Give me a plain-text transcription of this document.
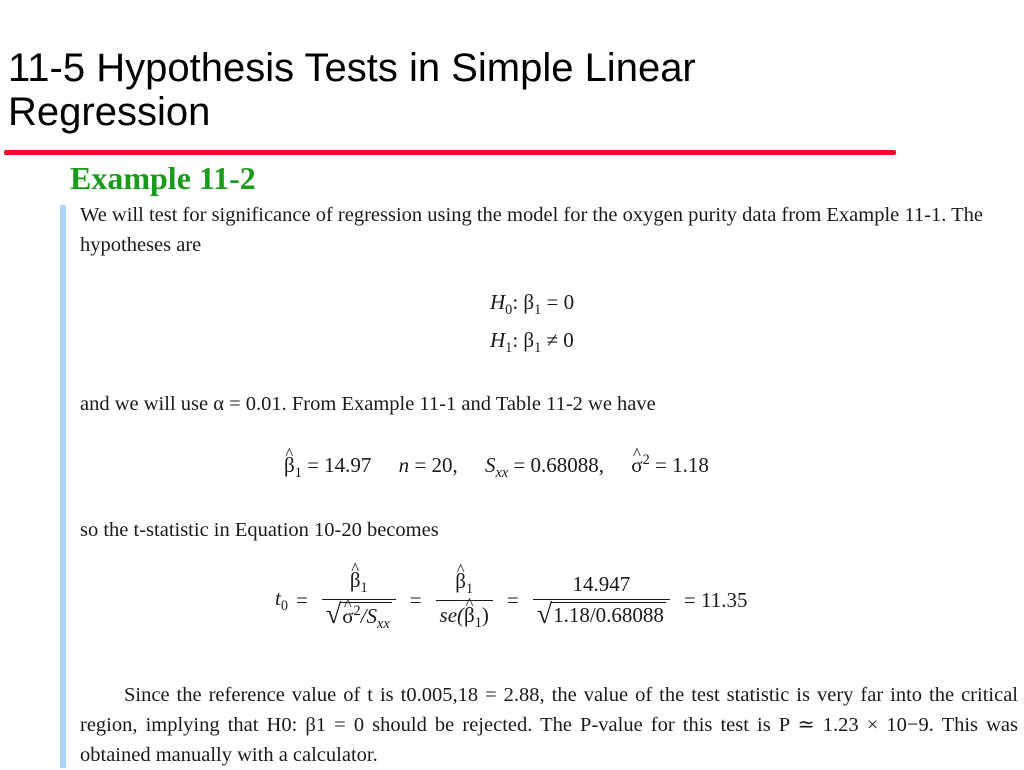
11-5 Hypothesis Tests in Simple Linear Regression
Example 11-2

We will test for significance of regression using the model for the oxygen purity data from Example 11-1. The hypotheses are

$H_0$: $\beta_1 = 0$
$H_1$: $\beta_1 \ne 0$

and we will use α = 0.01. From Example 11-1 and Table 11-2 we have

^ $\beta_1 = 14.97$ n = 20, $S_{xx} = 0.68088$, ^ $\sigma^2 = 1.18$

so the t-statistic in Equation 10-20 becomes

$t_0$ =
^ $\beta_1$
√
^ $\sigma^2/S_{xx}$ =
^ $\frac{\beta_1}{se(\^{} \beta_1)} = \frac{14.947}{√ 1.18/0.68088} = 11.35$

Since the reference value of t is t0.005,18 = 2.88, the value of the test statistic is very far into the critical region, implying that H0: β1 = 0 should be rejected. The P-value for this test is P ≃ 1.23 × 10−9. This was obtained manually with a calculator.
